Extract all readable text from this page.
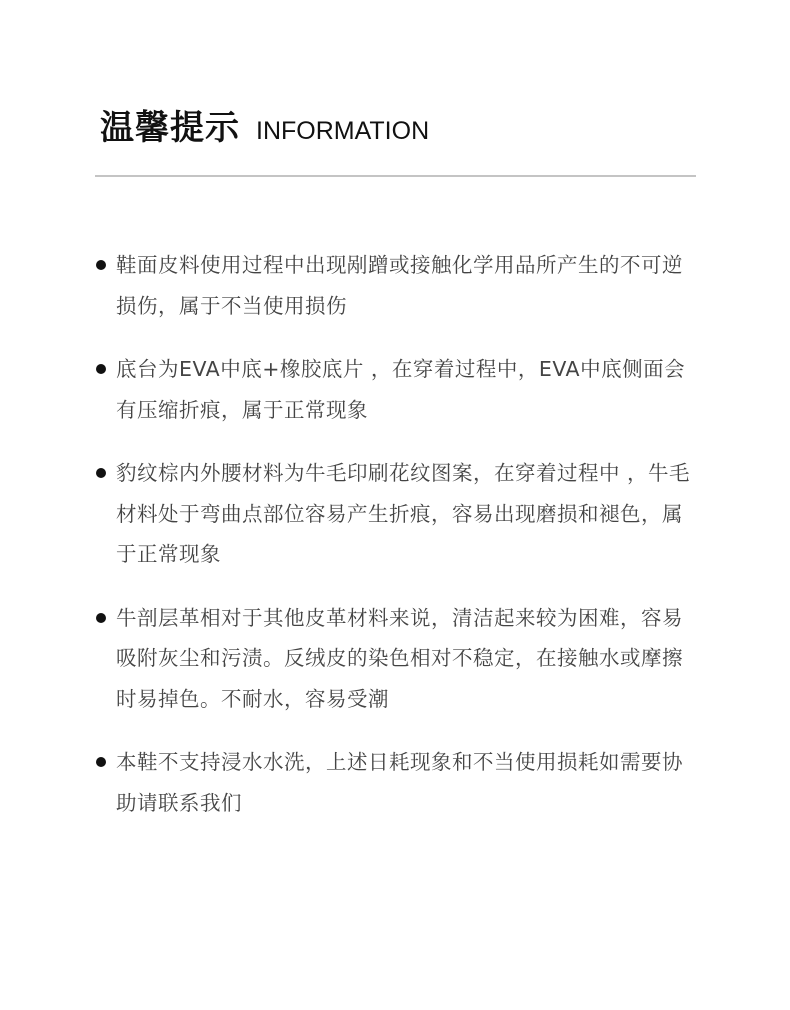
温馨提示 INFORMATION
鞋面皮料使用过程中出现剐蹭或接触化学用品所产生的不可逆损伤，属于不当使用损伤
底台为EVA中底+橡胶底片 ，在穿着过程中，EVA中底侧面会有压缩折痕，属于正常现象
豹纹棕内外腰材料为牛毛印刷花纹图案，在穿着过程中 ，牛毛材料处于弯曲点部位容易产生折痕，容易出现磨损和褪色，属于正常现象
牛剖层革相对于其他皮革材料来说，清洁起来较为困难，容易吸附灰尘和污渍。反绒皮的染色相对不稳定，在接触水或摩擦时易掉色。不耐水，容易受潮
本鞋不支持浸水水洗，上述日耗现象和不当使用损耗如需要协助请联系我们
